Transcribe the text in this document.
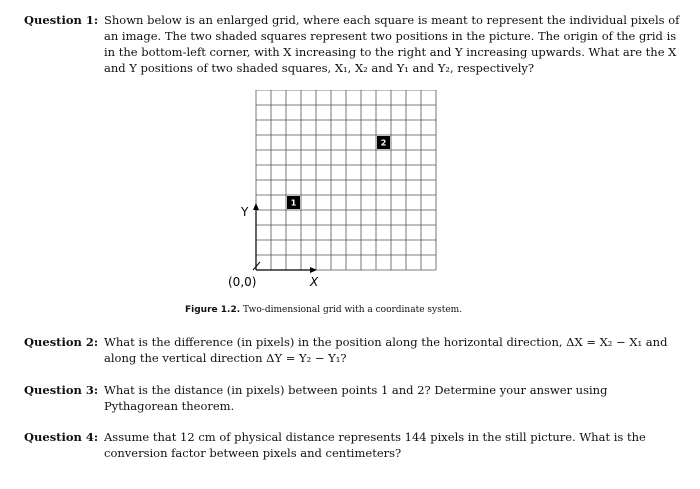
Question 1: Shown below is an enlarged grid, where each square is meant to represent the individual pixels of an image. The two shaded squares represent two positions in the picture. The origin of the grid is in the bottom-left corner, with X increasing to the right and Y increasing upwards. What are the X and Y positions of two shaded squares, X₁, X₂ and Y₁ and Y₂, respectively?
1
2
Y
X
(0,0)
Figure 1.2. Two-dimensional grid with a coordinate system.
Question 2: What is the difference (in pixels) in the position along the horizontal direction, ΔX = X₂ − X₁ and along the vertical direction ΔY = Y₂ − Y₁?
Question 3: What is the distance (in pixels) between points 1 and 2? Determine your answer using Pythagorean theorem.
Question 4: Assume that 12 cm of physical distance represents 144 pixels in the still picture. What is the conversion factor between pixels and centimeters?
